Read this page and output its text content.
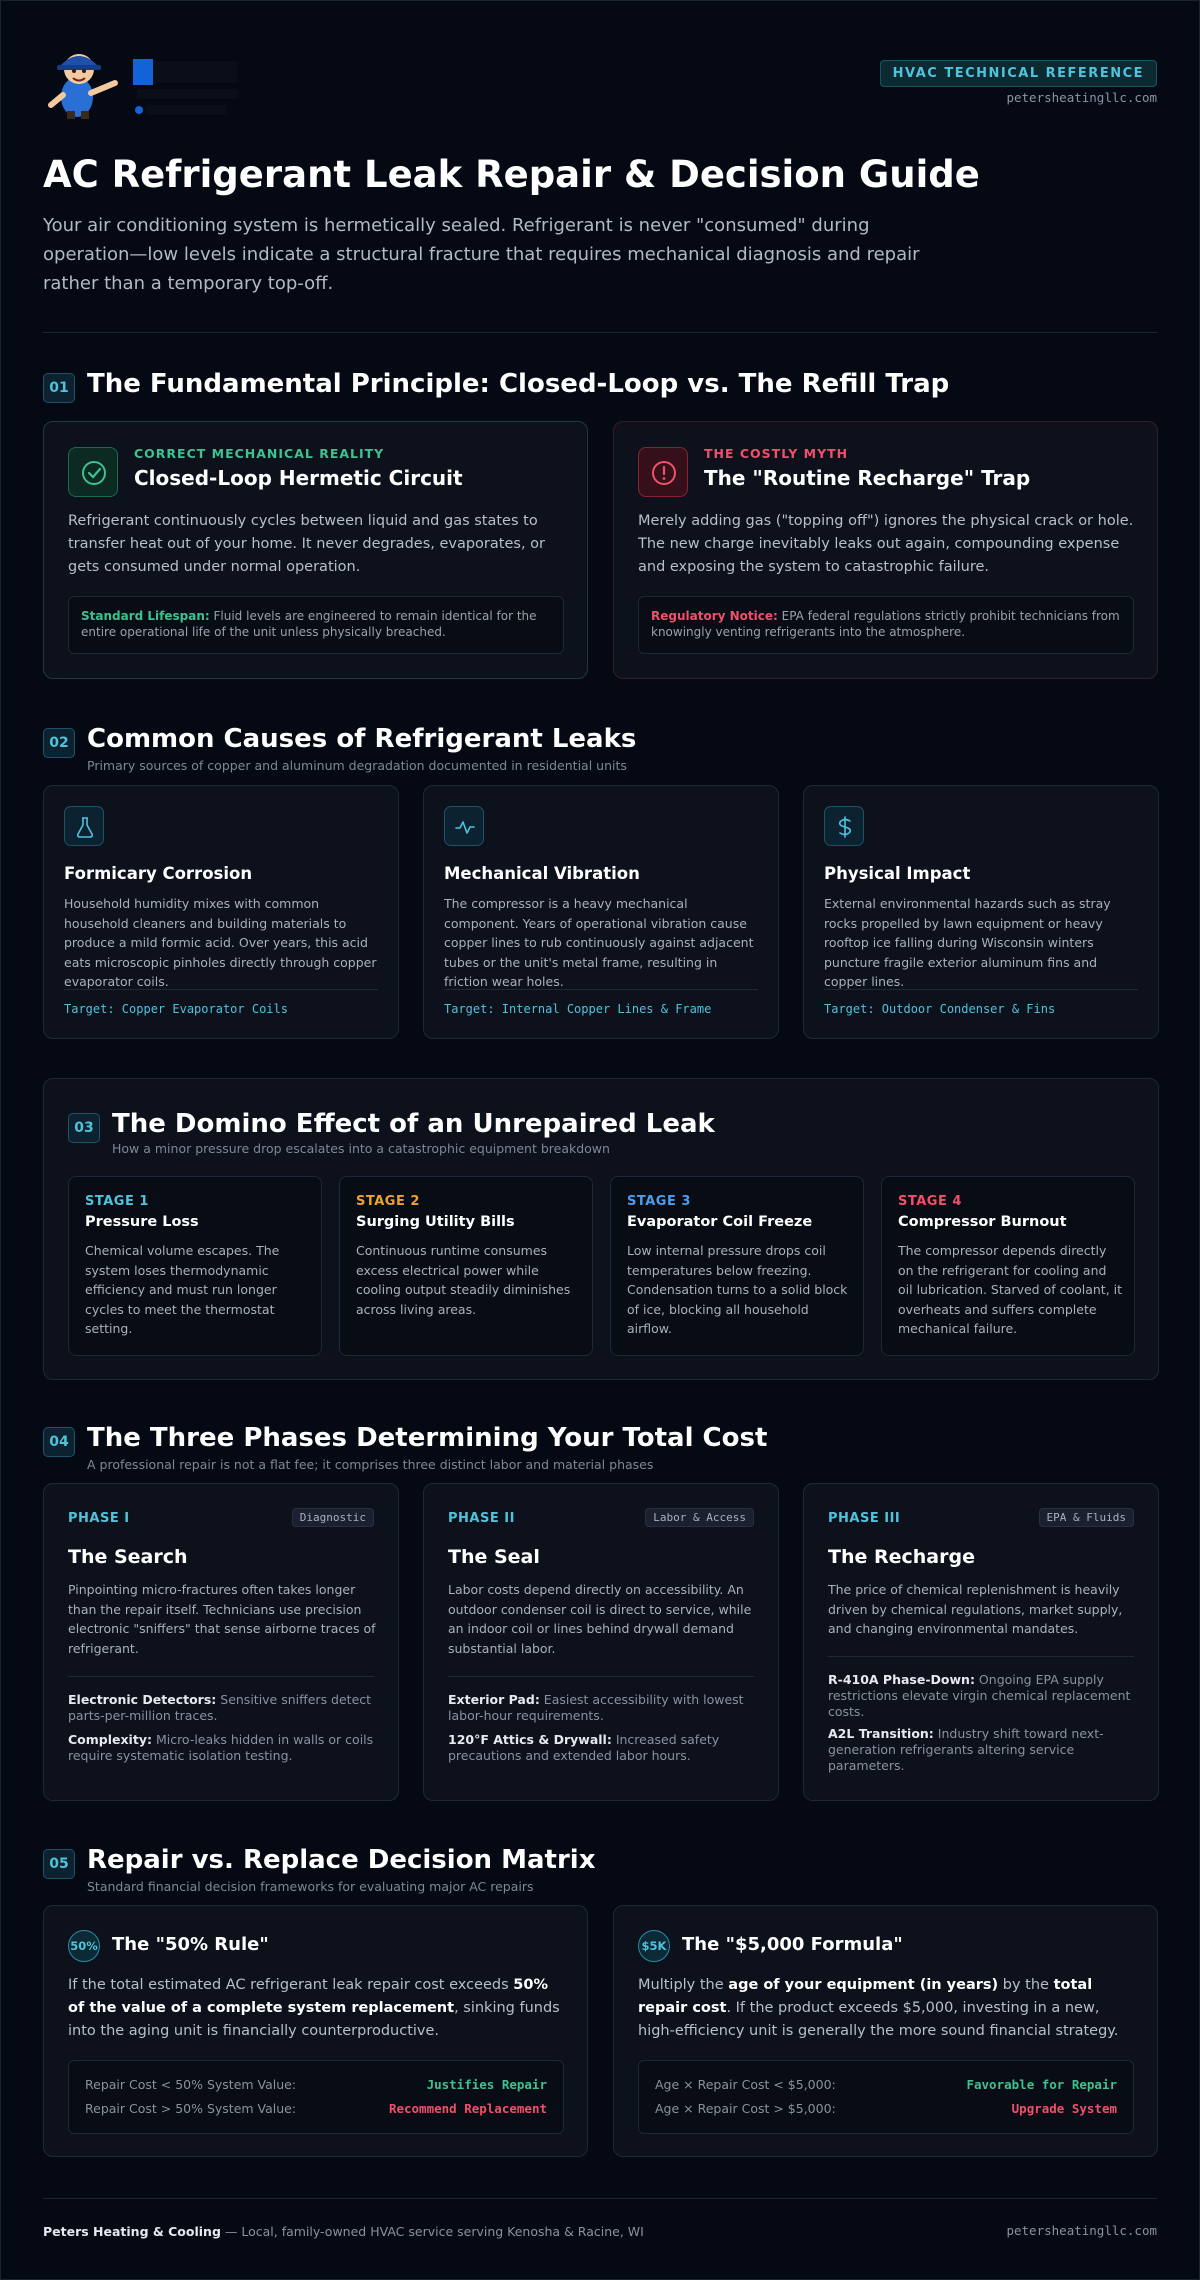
HVAC TECHNICAL REFERENCE
petersheatingllc.com
AC Refrigerant Leak Repair & Decision Guide

Your air conditioning system is hermetically sealed. Refrigerant is never "consumed" during operation—low levels indicate a structural fracture that requires mechanical diagnosis and repair rather than a temporary top-off.

01 The Fundamental Principle: Closed-Loop vs. The Refill Trap
CORRECT MECHANICAL REALITY
Closed-Loop Hermetic Circuit
Refrigerant continuously cycles between liquid and gas states to transfer heat out of your home. It never degrades, evaporates, or gets consumed under normal operation.
Standard Lifespan: Fluid levels are engineered to remain identical for the entire operational life of the unit unless physically breached.
THE COSTLY MYTH
The "Routine Recharge" Trap
Merely adding gas ("topping off") ignores the physical crack or hole. The new charge inevitably leaks out again, compounding expense and exposing the system to catastrophic failure.
Regulatory Notice: EPA federal regulations strictly prohibit technicians from knowingly venting refrigerants into the atmosphere.
02 Common Causes of Refrigerant Leaks
Primary sources of copper and aluminum degradation documented in residential units
Formicary Corrosion
Household humidity mixes with common household cleaners and building materials to produce a mild formic acid. Over years, this acid eats microscopic pinholes directly through copper evaporator coils.
Target: Copper Evaporator Coils
Mechanical Vibration
The compressor is a heavy mechanical component. Years of operational vibration cause copper lines to rub continuously against adjacent tubes or the unit's metal frame, resulting in friction wear holes.
Target: Internal Copper Lines & Frame
Physical Impact
External environmental hazards such as stray rocks propelled by lawn equipment or heavy rooftop ice falling during Wisconsin winters puncture fragile exterior aluminum fins and copper lines.
Target: Outdoor Condenser & Fins
03 The Domino Effect of an Unrepaired Leak
How a minor pressure drop escalates into a catastrophic equipment breakdown
STAGE 1
Pressure Loss
Chemical volume escapes. The system loses thermodynamic efficiency and must run longer cycles to meet the thermostat setting.
STAGE 2
Surging Utility Bills
Continuous runtime consumes excess electrical power while cooling output steadily diminishes across living areas.
STAGE 3
Evaporator Coil Freeze
Low internal pressure drops coil temperatures below freezing. Condensation turns to a solid block of ice, blocking all household airflow.
STAGE 4
Compressor Burnout
The compressor depends directly on the refrigerant for cooling and oil lubrication. Starved of coolant, it overheats and suffers complete mechanical failure.
04 The Three Phases Determining Your Total Cost
A professional repair is not a flat fee; it comprises three distinct labor and material phases
PHASE I	Diagnostic
The Search
Pinpointing micro-fractures often takes longer than the repair itself. Technicians use precision electronic "sniffers" that sense airborne traces of refrigerant.
Electronic Detectors: Sensitive sniffers detect parts-per-million traces.
Complexity: Micro-leaks hidden in walls or coils require systematic isolation testing.
PHASE II	Labor & Access
The Seal
Labor costs depend directly on accessibility. An outdoor condenser coil is direct to service, while an indoor coil or lines behind drywall demand substantial labor.
Exterior Pad: Easiest accessibility with lowest labor-hour requirements.
120°F Attics & Drywall: Increased safety precautions and extended labor hours.
PHASE III	EPA & Fluids
The Recharge
The price of chemical replenishment is heavily driven by chemical regulations, market supply, and changing environmental mandates.
R-410A Phase-Down: Ongoing EPA supply restrictions elevate virgin chemical replacement costs.
A2L Transition: Industry shift toward next-generation refrigerants altering service parameters.
05 Repair vs. Replace Decision Matrix
Standard financial decision frameworks for evaluating major AC repairs
50% The "50% Rule"
If the total estimated AC refrigerant leak repair cost exceeds 50% of the value of a complete system replacement, sinking funds into the aging unit is financially counterproductive.
Repair Cost < 50% System Value:	Justifies Repair
Repair Cost > 50% System Value:	Recommend Replacement
$5K The "$5,000 Formula"
Multiply the age of your equipment (in years) by the total repair cost. If the product exceeds $5,000, investing in a new, high-efficiency unit is generally the more sound financial strategy.
Age × Repair Cost < $5,000:	Favorable for Repair
Age × Repair Cost > $5,000:	Upgrade System
Peters Heating & Cooling — Local, family-owned HVAC service serving Kenosha & Racine, WI	petersheatingllc.com
